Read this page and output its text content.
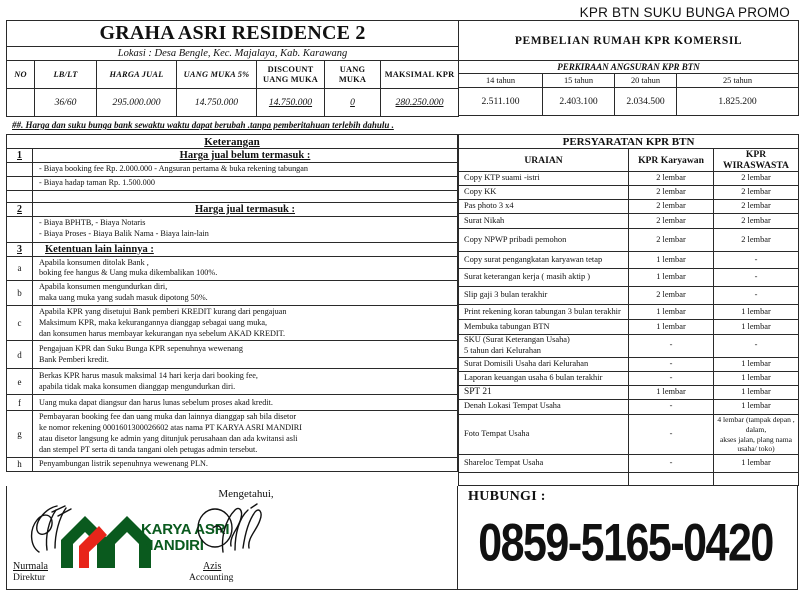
KPR BTN SUKU BUNGA PROMO
GRAHA ASRI RESIDENCE 2						
Lokasi : Desa Bengle, Kec. Majalaya, Kab. Karawang						
NO	LB/LT	HARGA JUAL	UANG MUKA 5%	DISCOUNT
UANG MUKA	UANG MUKA	MAKSIMAL KPR
	36/60	295.000.000	14.750.000	14.750.000	0	280.250.000
PEMBELIAN RUMAH KPR KOMERSIL			
PERKIRAAN ANGSURAN KPR BTN			
14 tahun	15 tahun	20 tahun	25 tahun
2.511.100	2.403.100	2.034.500	1.825.200
##. Harga dan suku bunga bank sewaktu waktu dapat berubah .tanpa pemberitahuan terlebih dahulu .
Keterangan	
1	Harga jual belum termasuk :
	- Biaya booking fee Rp. 2.000.000 - Angsuran pertama & buka rekening tabungan
	- Biaya hadap taman Rp. 1.500.000

2	Harga jual termasuk :

	- Biaya BPHTB, - Biaya Notaris
- Biaya Proses - Biaya Balik Nama - Biaya lain-lain

3	Ketentuan lain lainnya :
a	Apabila konsumen ditolak Bank ,
boking fee hangus & Uang muka dikembalikan 100%.

b	Apabila konsumen mengundurkan diri,
maka uang muka yang sudah masuk dipotong 50%.

c	Apabila KPR yang disetujui Bank pemberi KREDIT kurang dari pengajuan
Maksimum KPR, maka kekurangannya dianggap sebagai uang muka,
dan konsumen harus membayar kekurangan nya sebelum AKAD KREDIT.

d	Pengajuan KPR dan Suku Bunga KPR sepenuhnya wewenang
Bank Pemberi kredit.

e	Berkas KPR harus masuk maksimal 14 hari kerja dari booking fee,
apabila tidak maka konsumen dianggap mengundurkan diri.

f	Uang muka dapat diangsur dan harus lunas sebelum proses akad kredit.

g	Pembayaran booking fee dan uang muka dan lainnya dianggap sah bila disetor
ke nomor rekening 0001601300026602 atas nama PT KARYA ASRI MANDIRI
atau disetor langsung ke admin yang ditunjuk perusahaan dan ada kwitansi asli
dan stempel PT serta di tanda tangani oleh petugas admin tersebut.

h	Penyambungan listrik sepenuhnya wewenang PLN.
PERSYARATAN KPR BTN		
URAIAN	KPR Karyawan	KPR WIRASWASTA
Copy KTP suami -istri	2 lembar	2 lembar
Copy KK	2 lembar	2 lembar
Pas photo 3 x4	2 lembar	2 lembar
Surat Nikah	2 lembar	2 lembar
Copy NPWP pribadi pemohon	2 lembar	2 lembar
Copy surat pengangkatan karyawan tetap	1 lembar	-
Surat keterangan kerja ( masih aktip )	1 lembar	-
Slip gaji 3 bulan terakhir	2 lembar	-
Print rekening koran tabungan 3 bulan terakhir	1 lembar	1 lembar
Membuka tabungan BTN	1 lembar	1 lembar

SKU (Surat Keterangan Usaha)
5 tahun dari Kelurahan	-	-
Surat Domisili Usaha dari Kelurahan	-	1 lembar
Laporan keuangan usaha 6 bulan terakhir	-	1 lembar
SPT 21	1 lembar	1 lembar
Denah Lokasi Tempat Usaha	-	1 lembar
Foto Tempat Usaha	-	4 lembar (tampak depan , dalam,
akses jalan, plang nama usaha/ toko)

Shareloc Tempat Usaha	-	1 lembar

Mengetahui,
KARYA ASRI
MANDIRI
Nurmala
Direktur
Azis
Accounting
HUBUNGI :
0859-5165-0420
